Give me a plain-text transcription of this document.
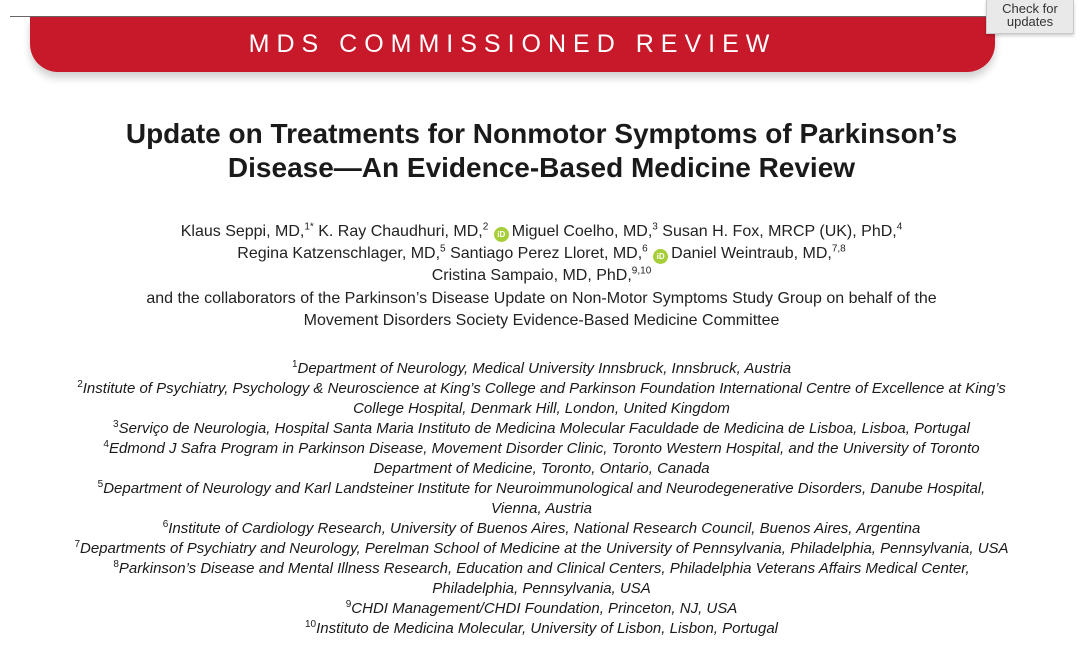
MDS COMMISSIONED REVIEW
Check for
updates
Update on Treatments for Nonmotor Symptoms of Parkinson’s
Disease—An Evidence-Based Medicine Review
Klaus Seppi, MD,$^{1*}$ K. Ray Chaudhuri, MD,$^2$ iD Miguel Coelho, MD,$^3$ Susan H. Fox, MRCP (UK), PhD,$^4$
Regina Katzenschlager, MD,$^5$ Santiago Perez Lloret, MD,$^6$ iD Daniel Weintraub, MD,$^{7,8}$
Cristina Sampaio, MD, PhD,$^{9,10}$
and the collaborators of the Parkinson’s Disease Update on Non-Motor Symptoms Study Group on behalf of the
Movement Disorders Society Evidence-Based Medicine Committee
$^1$Department of Neurology, Medical University Innsbruck, Innsbruck, Austria
$^2$Institute of Psychiatry, Psychology & Neuroscience at King’s College and Parkinson Foundation International Centre of Excellence at King’s
College Hospital, Denmark Hill, London, United Kingdom
$^3$Serviço de Neurologia, Hospital Santa Maria Instituto de Medicina Molecular Faculdade de Medicina de Lisboa, Lisboa, Portugal
$^4$Edmond J Safra Program in Parkinson Disease, Movement Disorder Clinic, Toronto Western Hospital, and the University of Toronto
Department of Medicine, Toronto, Ontario, Canada
$^5$Department of Neurology and Karl Landsteiner Institute for Neuroimmunological and Neurodegenerative Disorders, Danube Hospital,
Vienna, Austria
$^6$Institute of Cardiology Research, University of Buenos Aires, National Research Council, Buenos Aires, Argentina
$^7$Departments of Psychiatry and Neurology, Perelman School of Medicine at the University of Pennsylvania, Philadelphia, Pennsylvania, USA
$^8$Parkinson’s Disease and Mental Illness Research, Education and Clinical Centers, Philadelphia Veterans Affairs Medical Center,
Philadelphia, Pennsylvania, USA
$^9$CHDI Management/CHDI Foundation, Princeton, NJ, USA
$^{10}$Instituto de Medicina Molecular, University of Lisbon, Lisbon, Portugal
